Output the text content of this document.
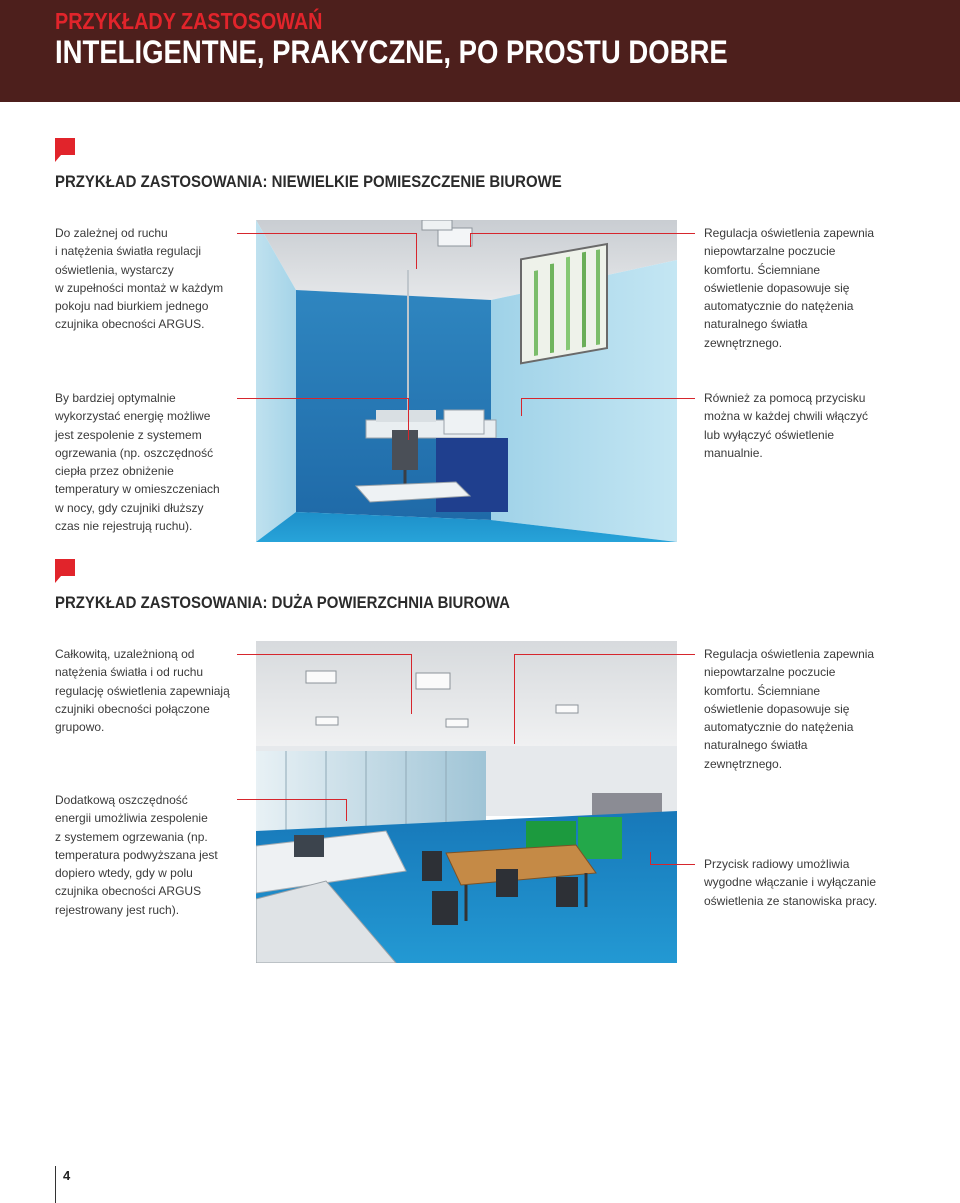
PRZYKŁADY ZASTOSOWAŃ
INTELIGENTNE, PRAKYCZNE, PO PROSTU DOBRE
PRZYKŁAD ZASTOSOWANIA: NIEWIELKIE POMIESZCZENIE BIUROWE

Do zależnej od ruchu
i natężenia światła regulacji
oświetlenia, wystarczy
w zupełności montaż w każdym
pokoju nad biurkiem jednego
czujnika obecności ARGUS.

By bardziej optymalnie
wykorzystać energię możliwe
jest zespolenie z systemem
ogrzewania (np. oszczędność
ciepła przez obniżenie
temperatury w omieszczeniach
w nocy, gdy czujniki dłuższy
czas nie rejestrują ruchu).

Regulacja oświetlenia zapewnia
niepowtarzalne poczucie
komfortu. Ściemniane
oświetlenie dopasowuje się
automatycznie do natężenia
naturalnego światła
zewnętrznego.

Również za pomocą przycisku
można w każdej chwili włączyć
lub wyłączyć oświetlenie
manualnie.

PRZYKŁAD ZASTOSOWANIA: DUŻA POWIERZCHNIA BIUROWA

Całkowitą, uzależnioną od
natężenia światła i od ruchu
regulację oświetlenia zapewniają
czujniki obecności połączone
grupowo.

Dodatkową oszczędność
energii umożliwia zespolenie
z systemem ogrzewania (np.
temperatura podwyższana jest
dopiero wtedy, gdy w polu
czujnika obecności ARGUS
rejestrowany jest ruch).

Regulacja oświetlenia zapewnia
niepowtarzalne poczucie
komfortu. Ściemniane
oświetlenie dopasowuje się
automatycznie do natężenia
naturalnego światła
zewnętrznego.

Przycisk radiowy umożliwia
wygodne włączanie i wyłączanie
oświetlenia ze stanowiska pracy.

4
